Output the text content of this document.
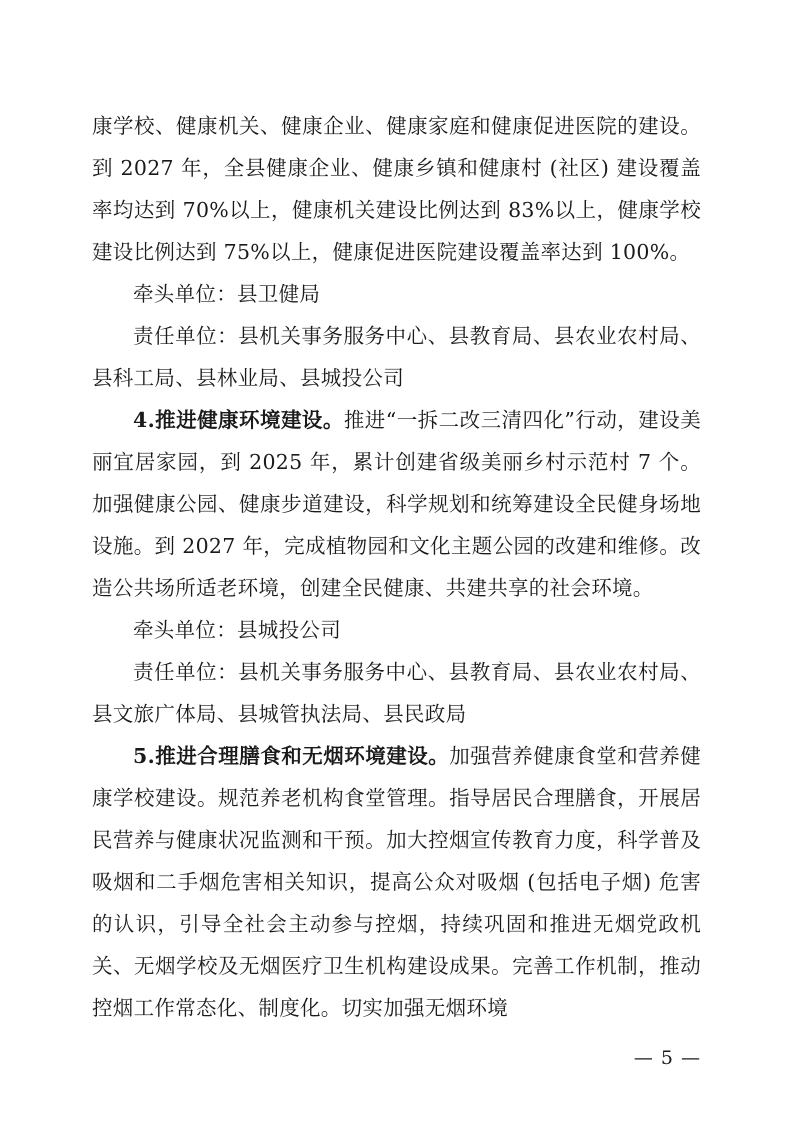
康学校、健康机关、健康企业、健康家庭和健康促进医院的建设。到 2027 年，全县健康企业、健康乡镇和健康村 (社区) 建设覆盖率均达到 70%以上，健康机关建设比例达到 83%以上，健康学校建设比例达到 75%以上，健康促进医院建设覆盖率达到 100%。

牵头单位：县卫健局

责任单位：县机关事务服务中心、县教育局、县农业农村局、县科工局、县林业局、县城投公司

4.推进健康环境建设。推进“一拆二改三清四化”行动，建设美丽宜居家园，到 2025 年，累计创建省级美丽乡村示范村 7 个。加强健康公园、健康步道建设，科学规划和统筹建设全民健身场地设施。到 2027 年，完成植物园和文化主题公园的改建和维修。改造公共场所适老环境，创建全民健康、共建共享的社会环境。

牵头单位：县城投公司

责任单位：县机关事务服务中心、县教育局、县农业农村局、县文旅广体局、县城管执法局、县民政局

5.推进合理膳食和无烟环境建设。加强营养健康食堂和营养健康学校建设。规范养老机构食堂管理。指导居民合理膳食，开展居民营养与健康状况监测和干预。加大控烟宣传教育力度，科学普及吸烟和二手烟危害相关知识，提高公众对吸烟 (包括电子烟) 危害的认识，引导全社会主动参与控烟，持续巩固和推进无烟党政机关、无烟学校及无烟医疗卫生机构建设成果。完善工作机制，推动控烟工作常态化、制度化。切实加强无烟环境

— 5 —
